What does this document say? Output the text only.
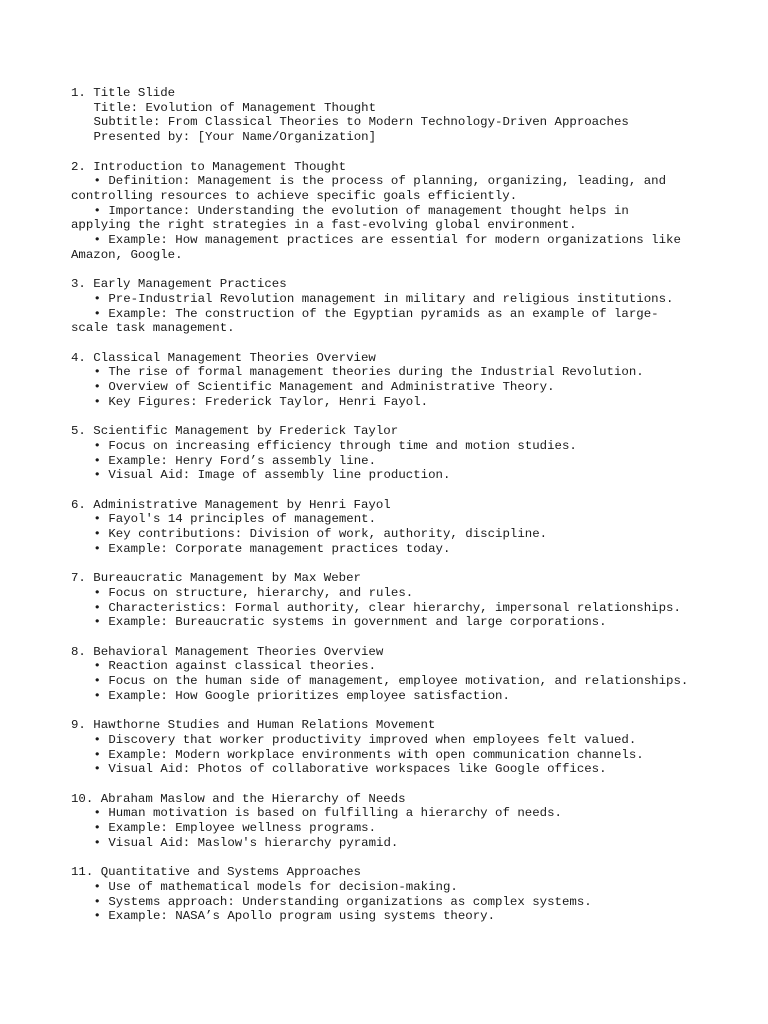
1. Title Slide
Title: Evolution of Management Thought
Subtitle: From Classical Theories to Modern Technology-Driven Approaches
Presented by: [Your Name/Organization]
2. Introduction to Management Thought
• Definition: Management is the process of planning, organizing, leading, and
controlling resources to achieve specific goals efficiently.
• Importance: Understanding the evolution of management thought helps in
applying the right strategies in a fast-evolving global environment.
• Example: How management practices are essential for modern organizations like
Amazon, Google.
3. Early Management Practices
• Pre-Industrial Revolution management in military and religious institutions.
• Example: The construction of the Egyptian pyramids as an example of large-
scale task management.
4. Classical Management Theories Overview
• The rise of formal management theories during the Industrial Revolution.
• Overview of Scientific Management and Administrative Theory.
• Key Figures: Frederick Taylor, Henri Fayol.
5. Scientific Management by Frederick Taylor
• Focus on increasing efficiency through time and motion studies.
• Example: Henry Ford’s assembly line.
• Visual Aid: Image of assembly line production.
6. Administrative Management by Henri Fayol
• Fayol's 14 principles of management.
• Key contributions: Division of work, authority, discipline.
• Example: Corporate management practices today.
7. Bureaucratic Management by Max Weber
• Focus on structure, hierarchy, and rules.
• Characteristics: Formal authority, clear hierarchy, impersonal relationships.
• Example: Bureaucratic systems in government and large corporations.
8. Behavioral Management Theories Overview
• Reaction against classical theories.
• Focus on the human side of management, employee motivation, and relationships.
• Example: How Google prioritizes employee satisfaction.
9. Hawthorne Studies and Human Relations Movement
• Discovery that worker productivity improved when employees felt valued.
• Example: Modern workplace environments with open communication channels.
• Visual Aid: Photos of collaborative workspaces like Google offices.
10. Abraham Maslow and the Hierarchy of Needs
• Human motivation is based on fulfilling a hierarchy of needs.
• Example: Employee wellness programs.
• Visual Aid: Maslow's hierarchy pyramid.
11. Quantitative and Systems Approaches
• Use of mathematical models for decision-making.
• Systems approach: Understanding organizations as complex systems.
• Example: NASA’s Apollo program using systems theory.
